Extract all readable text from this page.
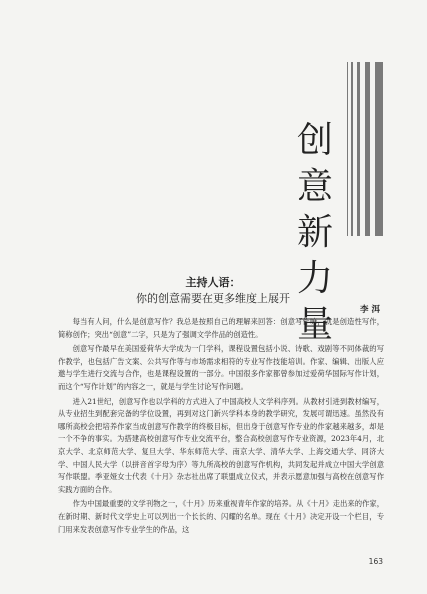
创意新力量
主持人语：
你的创意需要在更多维度上展开
李洱

每当有人问，什么是创意写作？我总是按照自己的理解来回答：创意写作嘛，就是创造性写作，简称创作；突出“创意”二字，只是为了强调文学作品的创造性。

创意写作最早在美国爱荷华大学成为一门学科，课程设置包括小说、诗歌、戏剧等不同体裁的写作教学，也包括广告文案、公共写作等与市场需求相符的专业写作技能培训。作家、编辑、出版人应邀与学生进行交流与合作，也是课程设置的一部分。中国很多作家都曾参加过爱荷华国际写作计划，而这个“写作计划”的内容之一，就是与学生讨论写作问题。

进入21世纪，创意写作也以学科的方式进入了中国高校人文学科序列。从教材引进到教材编写，从专业招生到配套完备的学位设置，再到对这门新兴学科本身的教学研究，发展可谓迅速。虽然没有哪所高校会把培养作家当成创意写作教学的终极目标，但出身于创意写作专业的作家越来越多，却是一个不争的事实。为搭建高校创意写作专业交流平台，整合高校创意写作专业资源，2023年4月，北京大学、北京师范大学、复旦大学、华东师范大学、南京大学、清华大学、上海交通大学、同济大学、中国人民大学（以拼音首字母为序）等九所高校的创意写作机构，共同发起并成立中国大学创意写作联盟。季亚娅女士代表《十月》杂志社出席了联盟成立仪式，并表示愿意加强与高校在创意写作实践方面的合作。

作为中国最重要的文学刊物之一，《十月》历来重视青年作家的培养。从《十月》走出来的作家，在新时期、新时代文学史上可以列出一个长长的、闪耀的名单。现在《十月》决定开设一个栏目，专门用来发表创意写作专业学生的作品，这

163
